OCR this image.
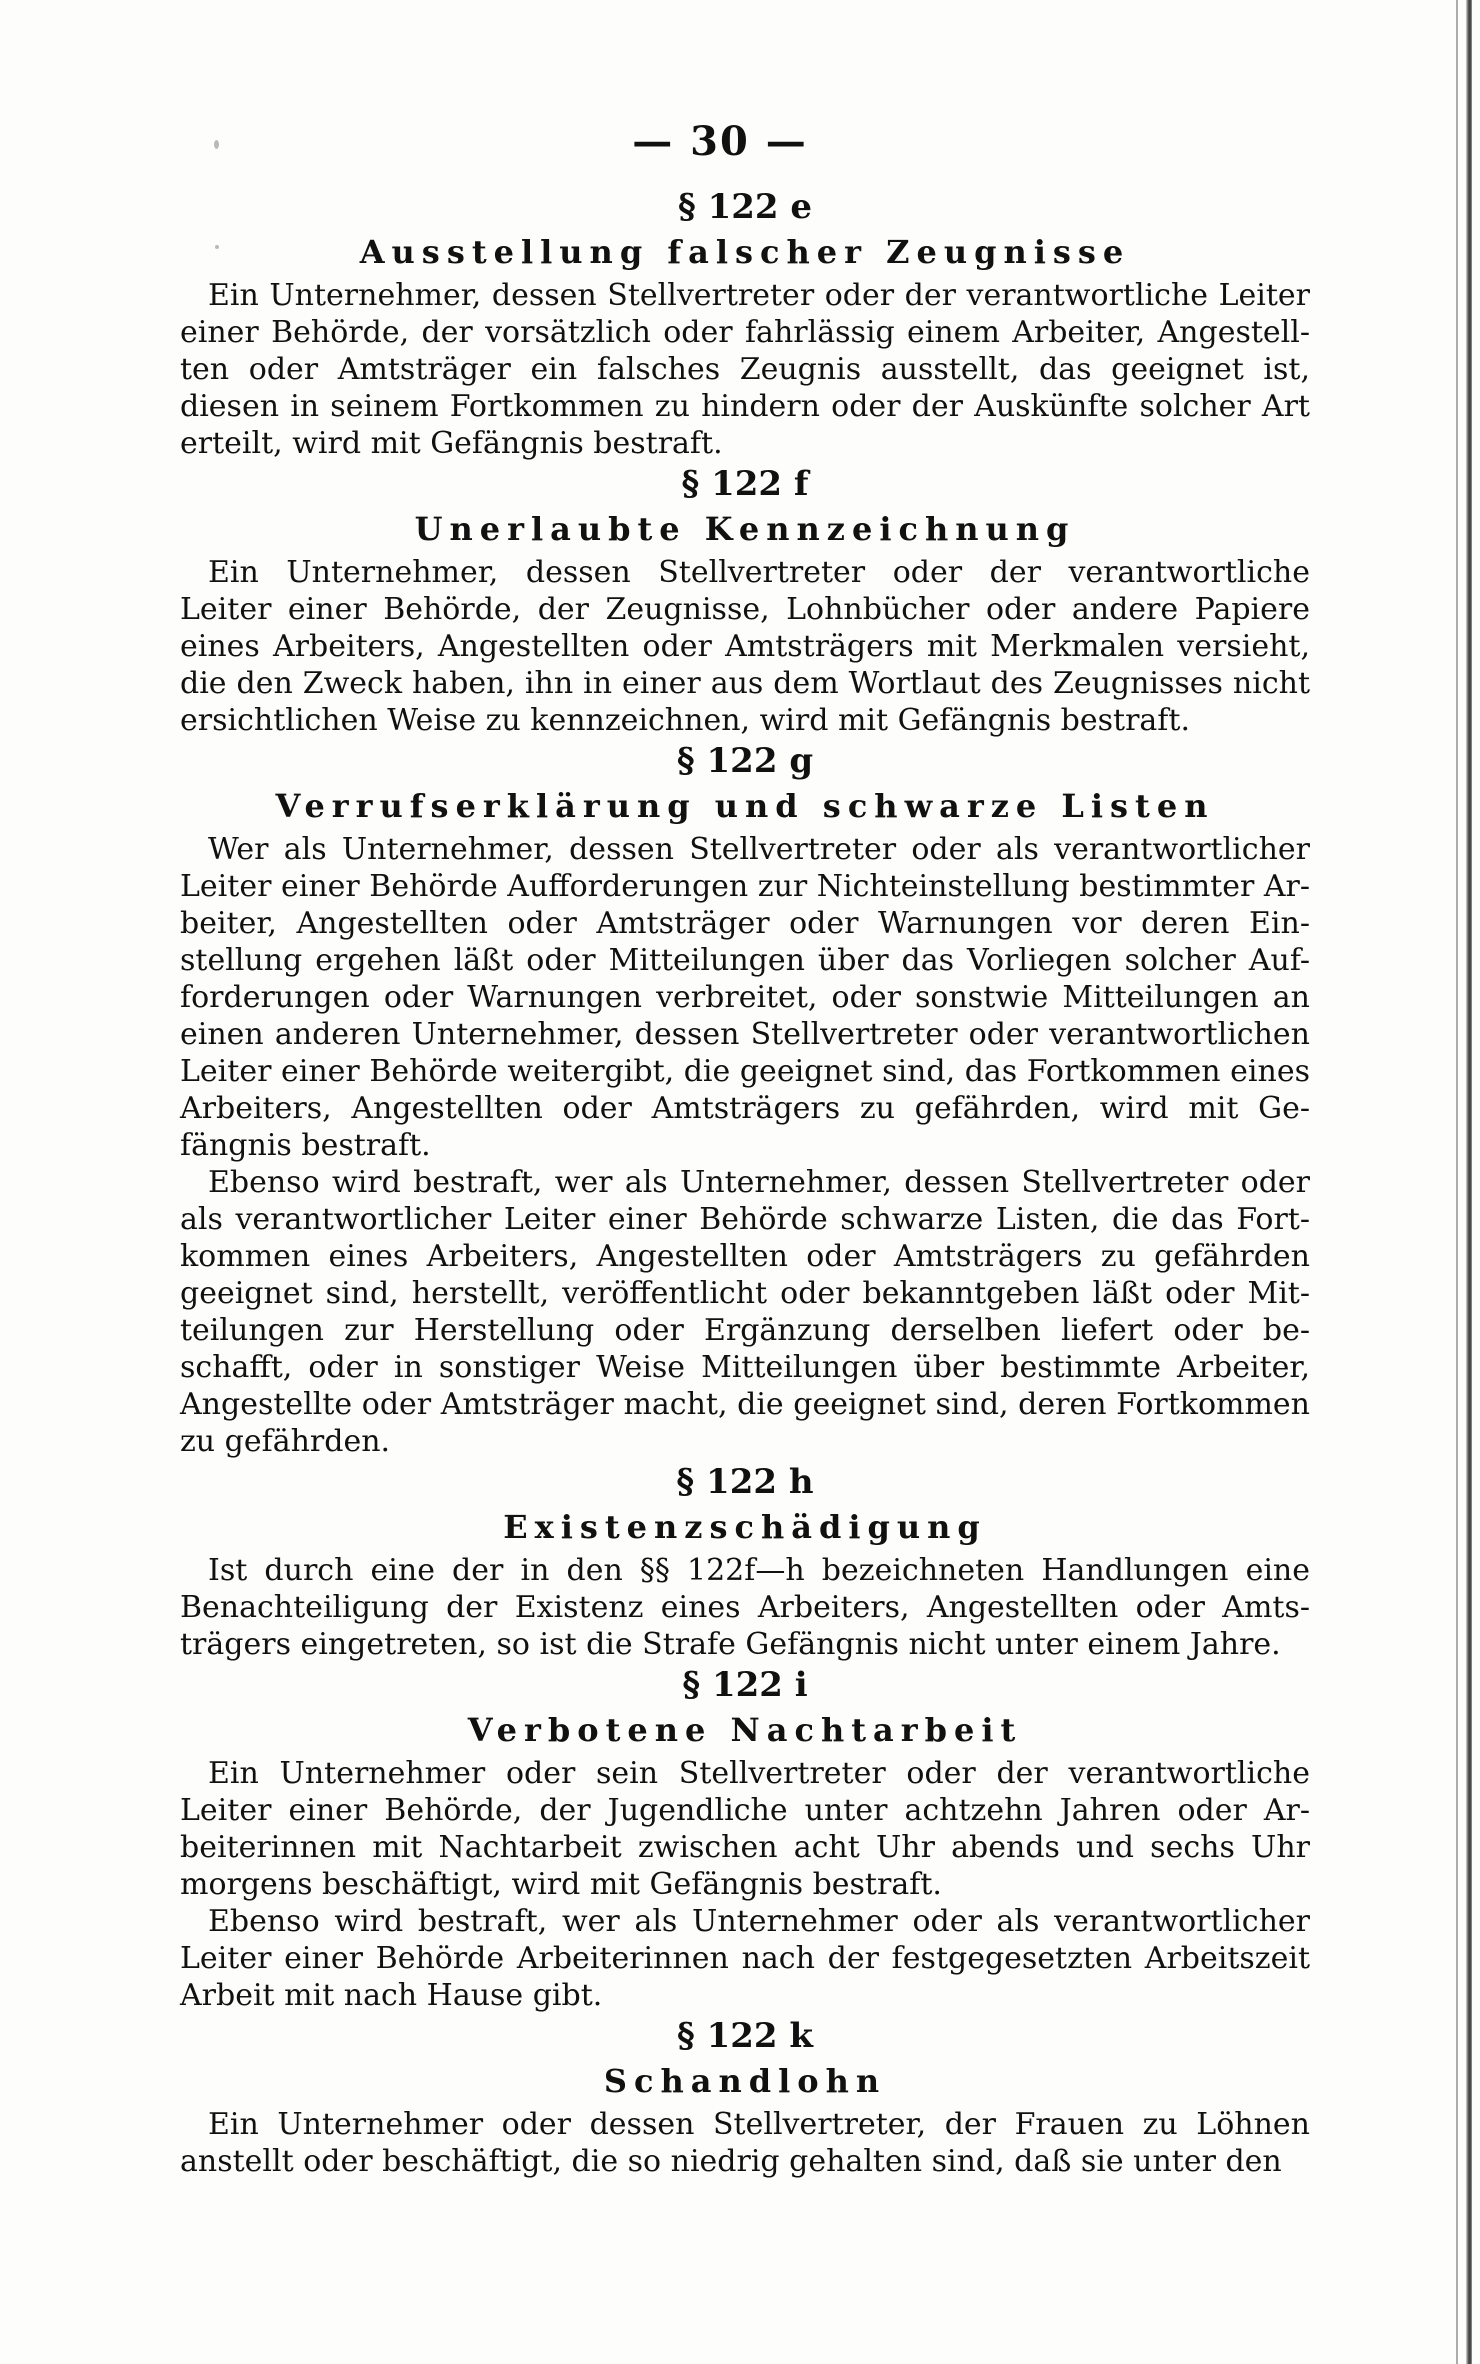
— 30 —
§ 122 e
Ausstellung falscher Zeugnisse
Ein Unternehmer, dessen Stellvertreter oder der verantwortliche Leiter
einer Behörde, der vorsätzlich oder fahrlässig einem Arbeiter, Angestell-
ten oder Amtsträger ein falsches Zeugnis ausstellt, das geeignet ist,
diesen in seinem Fortkommen zu hindern oder der Auskünfte solcher Art
erteilt, wird mit Gefängnis bestraft.
§ 122 f
Unerlaubte Kennzeichnung
Ein Unternehmer, dessen Stellvertreter oder der verantwortliche
Leiter einer Behörde, der Zeugnisse, Lohnbücher oder andere Papiere
eines Arbeiters, Angestellten oder Amtsträgers mit Merkmalen versieht,
die den Zweck haben, ihn in einer aus dem Wortlaut des Zeugnisses nicht
ersichtlichen Weise zu kennzeichnen, wird mit Gefängnis bestraft.
§ 122 g
Verrufserklärung und schwarze Listen
Wer als Unternehmer, dessen Stellvertreter oder als verantwortlicher
Leiter einer Behörde Aufforderungen zur Nichteinstellung bestimmter Ar-
beiter, Angestellten oder Amtsträger oder Warnungen vor deren Ein-
stellung ergehen läßt oder Mitteilungen über das Vorliegen solcher Auf-
forderungen oder Warnungen verbreitet, oder sonstwie Mitteilungen an
einen anderen Unternehmer, dessen Stellvertreter oder verantwortlichen
Leiter einer Behörde weitergibt, die geeignet sind, das Fortkommen eines
Arbeiters, Angestellten oder Amtsträgers zu gefährden, wird mit Ge-
fängnis bestraft.
Ebenso wird bestraft, wer als Unternehmer, dessen Stellvertreter oder
als verantwortlicher Leiter einer Behörde schwarze Listen, die das Fort-
kommen eines Arbeiters, Angestellten oder Amtsträgers zu gefährden
geeignet sind, herstellt, veröffentlicht oder bekanntgeben läßt oder Mit-
teilungen zur Herstellung oder Ergänzung derselben liefert oder be-
schafft, oder in sonstiger Weise Mitteilungen über bestimmte Arbeiter,
Angestellte oder Amtsträger macht, die geeignet sind, deren Fortkommen
zu gefährden.
§ 122 h
Existenzschädigung
Ist durch eine der in den §§ 122f—h bezeichneten Handlungen eine
Benachteiligung der Existenz eines Arbeiters, Angestellten oder Amts-
trägers eingetreten, so ist die Strafe Gefängnis nicht unter einem Jahre.
§ 122 i
Verbotene Nachtarbeit
Ein Unternehmer oder sein Stellvertreter oder der verantwortliche
Leiter einer Behörde, der Jugendliche unter achtzehn Jahren oder Ar-
beiterinnen mit Nachtarbeit zwischen acht Uhr abends und sechs Uhr
morgens beschäftigt, wird mit Gefängnis bestraft.
Ebenso wird bestraft, wer als Unternehmer oder als verantwortlicher
Leiter einer Behörde Arbeiterinnen nach der festgegesetzten Arbeitszeit
Arbeit mit nach Hause gibt.
§ 122 k
Schandlohn
Ein Unternehmer oder dessen Stellvertreter, der Frauen zu Löhnen
anstellt oder beschäftigt, die so niedrig gehalten sind, daß sie unter den
